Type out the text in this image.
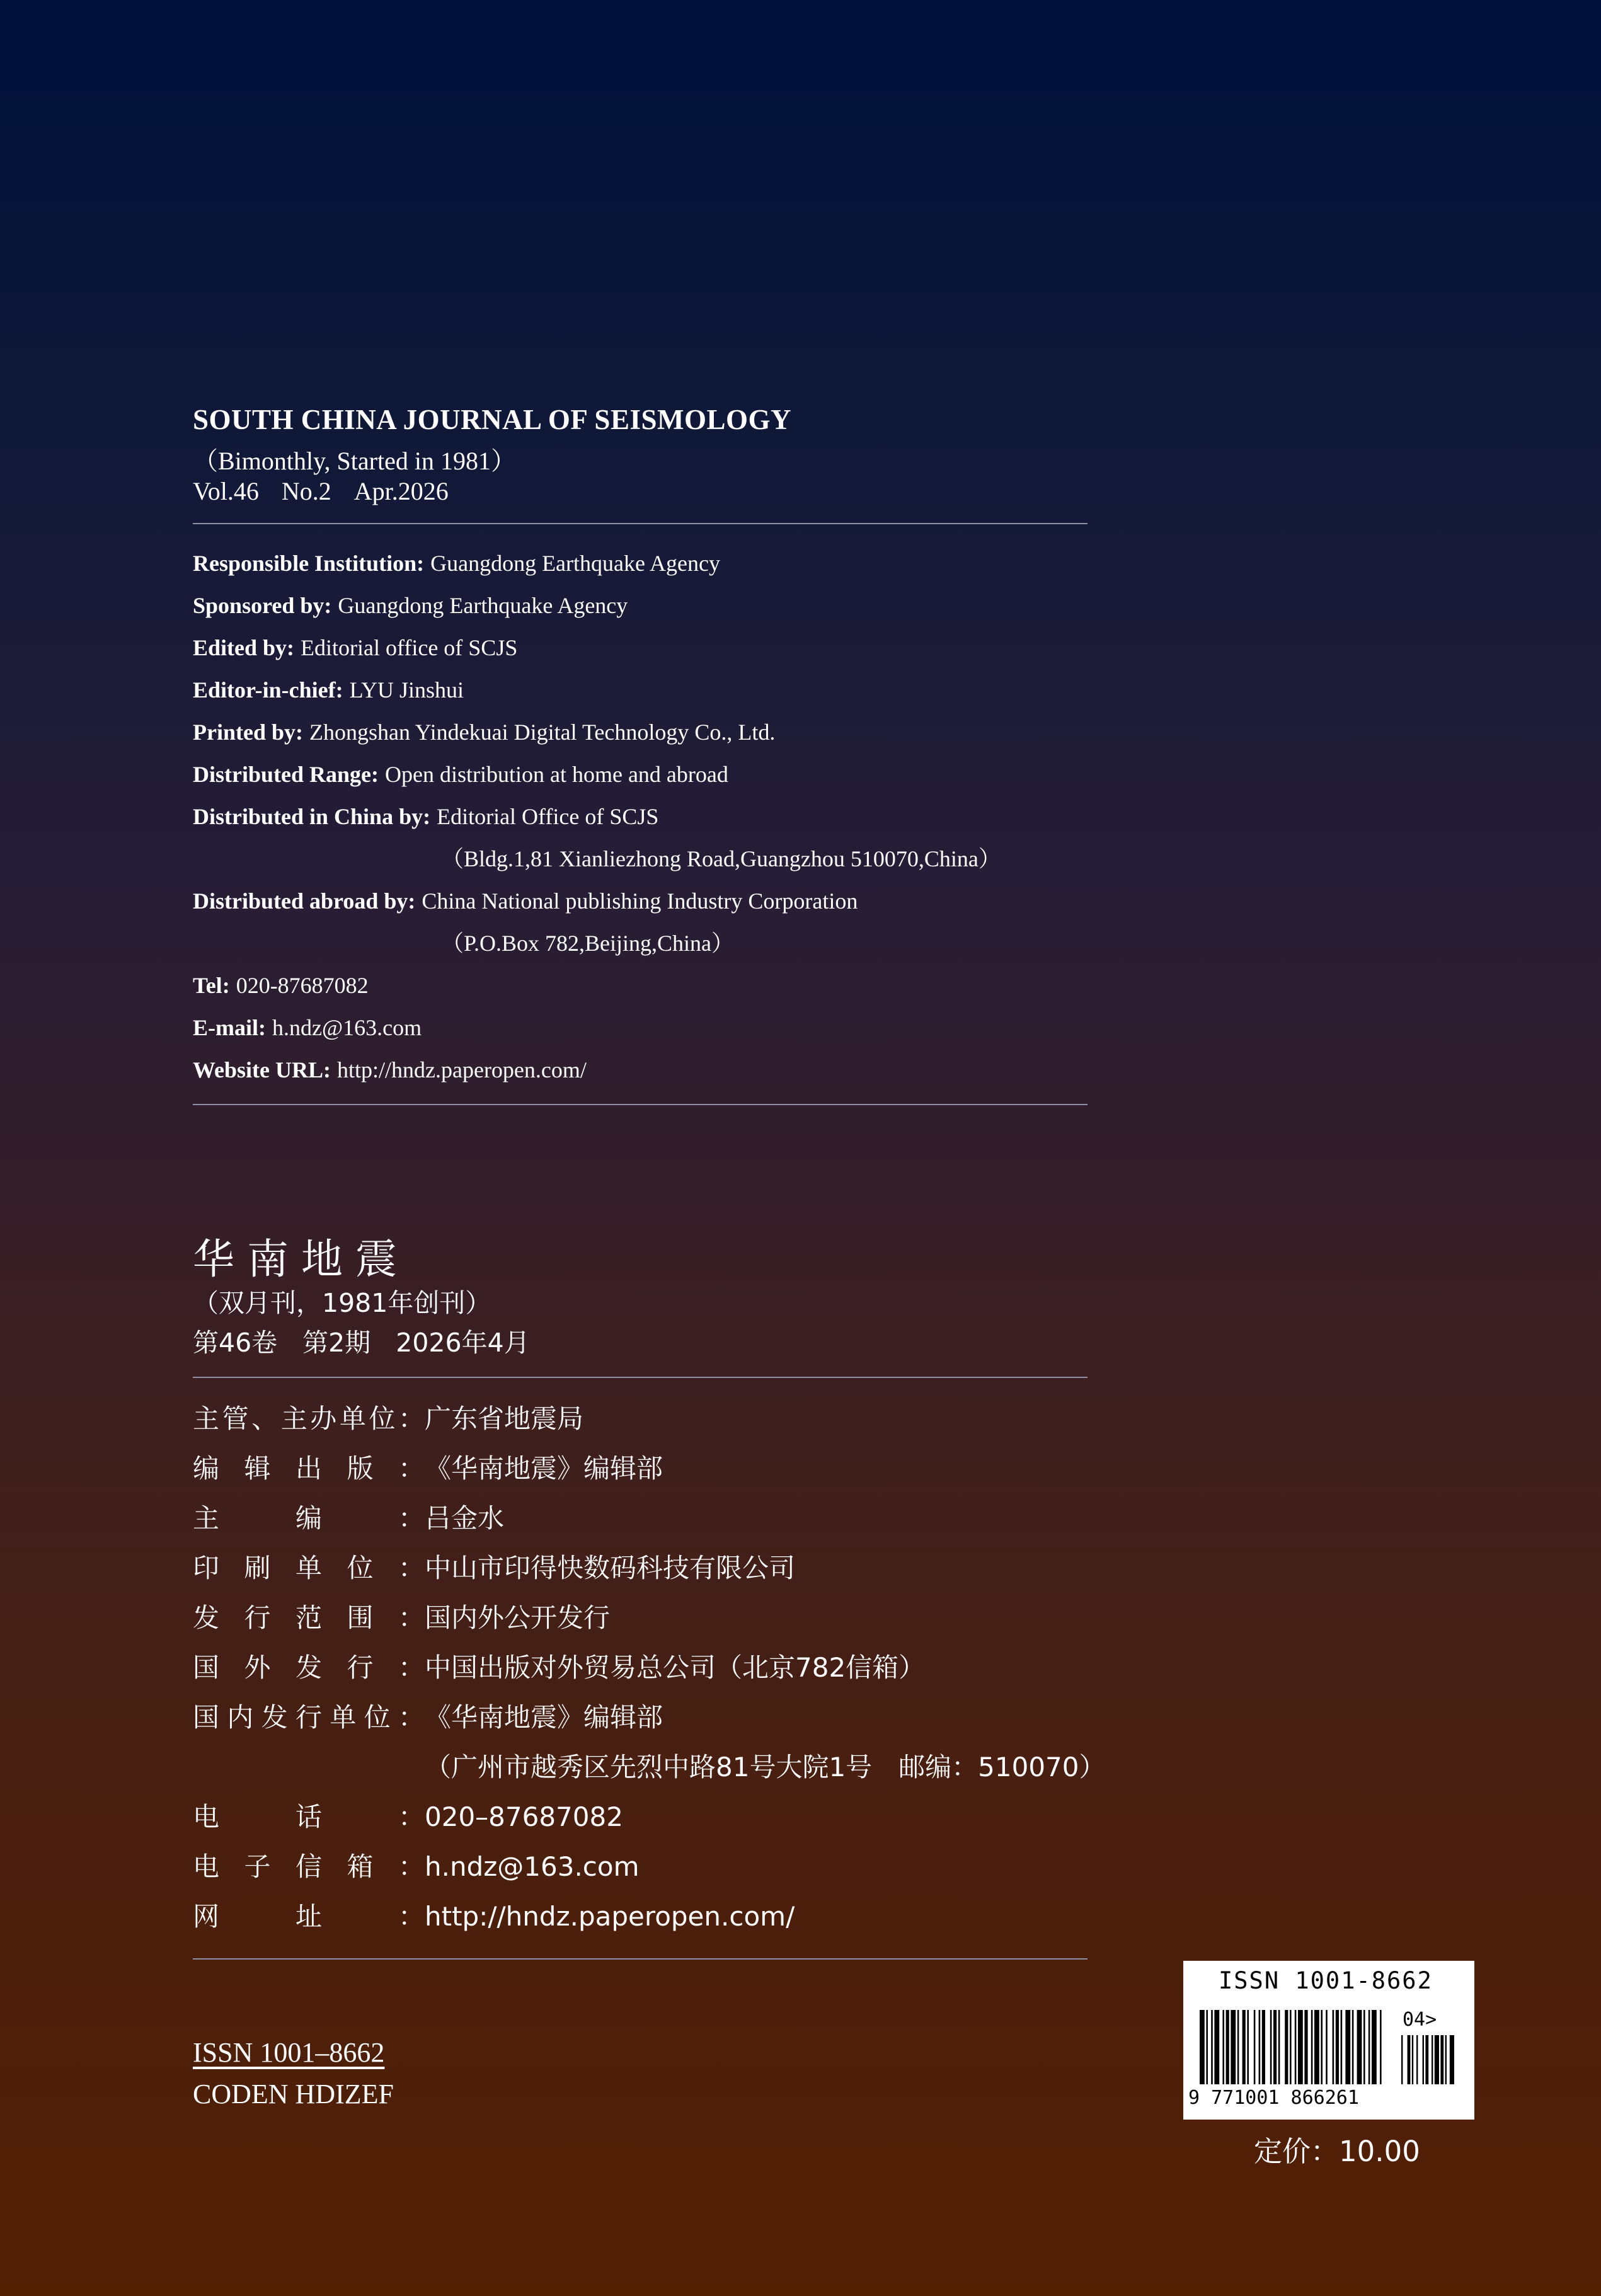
SOUTH CHINA JOURNAL OF SEISMOLOGY
（Bimonthly, Started in 1981）
Vol.46 No.2 Apr.2026
Responsible Institution: Guangdong Earthquake Agency
Sponsored by: Guangdong Earthquake Agency
Edited by: Editorial office of SCJS
Editor-in-chief: LYU Jinshui
Printed by: Zhongshan Yindekuai Digital Technology Co., Ltd.
Distributed Range: Open distribution at home and abroad
Distributed in China by: Editorial Office of SCJS
（Bldg.1,81 Xianliezhong Road,Guangzhou 510070,China）
Distributed abroad by: China National publishing Industry Corporation
（P.O.Box 782,Beijing,China）
Tel: 020-87687082
E-mail: h.ndz@163.com
Website URL: http://hndz.paperopen.com/
华南地震
（双月刊，1981年创刊）
第46卷 第2期 2026年4月
主 管 、 主 办 单 位 ： 广东省地震局
编 辑 出 版 ： 《华南地震》编辑部
主	编	： 吕金水
印 刷 单 位 ： 中山市印得快数码科技有限公司
发 行 范 围 ： 国内外公开发行
国 外 发 行 ： 中国出版对外贸易总公司（北京782信箱）
国 内 发 行 单 位 ： 《华南地震》编辑部
（广州市越秀区先烈中路81号大院1号　邮编：510070）
电	话	： 020–87687082
电 子 信 箱 ： h.ndz@163.com
网	址	： http://hndz.paperopen.com/
ISSN 1001–8662
CODEN HDIZEF
ISSN 1001-8662
04>
9 771001 866261
定价：10.00
